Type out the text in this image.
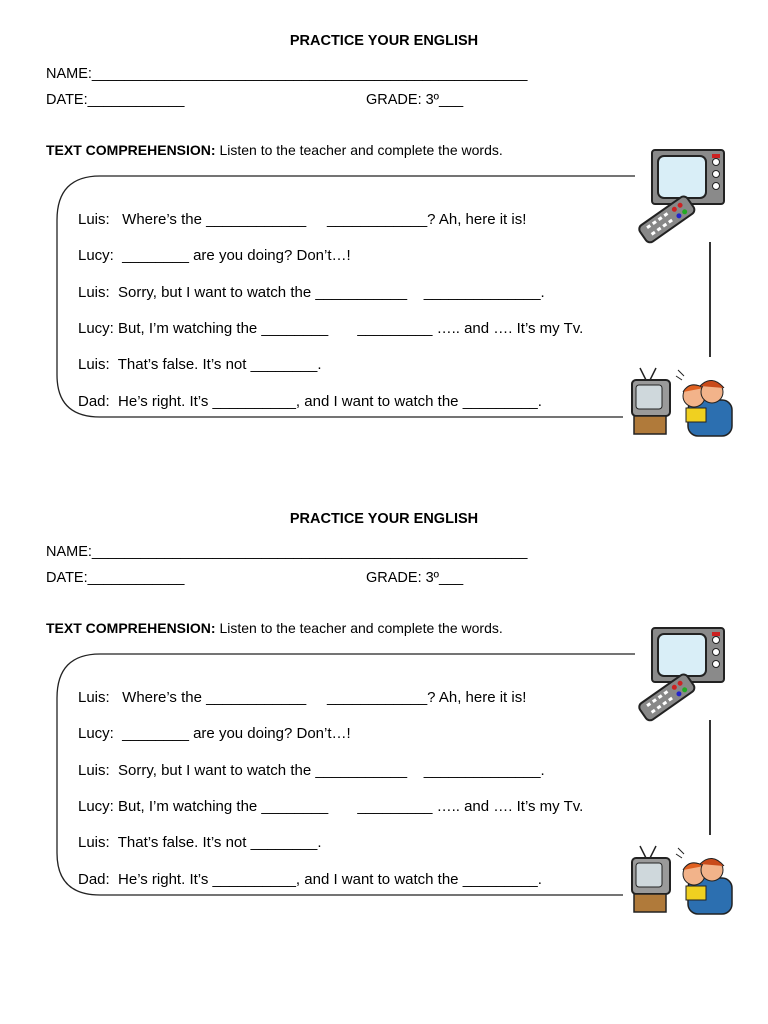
PRACTICE YOUR ENGLISH
NAME:______________________________________________________
DATE:____________	GRADE: 3º___
TEXT COMPREHENSION: Listen to the teacher and complete the words.
Luis:   Where’s the ____________     ____________? Ah, here it is!
Lucy:  ________ are you doing? Don’t…!
Luis:  Sorry, but I want to watch the ___________    ______________.
Lucy: But, I’m watching the ________       _________ ….. and …. It’s my Tv.
Luis:  That’s false. It’s not ________.
Dad:  He’s right. It’s __________, and I want to watch the _________.
PRACTICE YOUR ENGLISH
NAME:______________________________________________________
DATE:____________	GRADE: 3º___
TEXT COMPREHENSION: Listen to the teacher and complete the words.
Luis:   Where’s the ____________     ____________? Ah, here it is!
Lucy:  ________ are you doing? Don’t…!
Luis:  Sorry, but I want to watch the ___________    ______________.
Lucy: But, I’m watching the ________       _________ ….. and …. It’s my Tv.
Luis:  That’s false. It’s not ________.
Dad:  He’s right. It’s __________, and I want to watch the _________.
